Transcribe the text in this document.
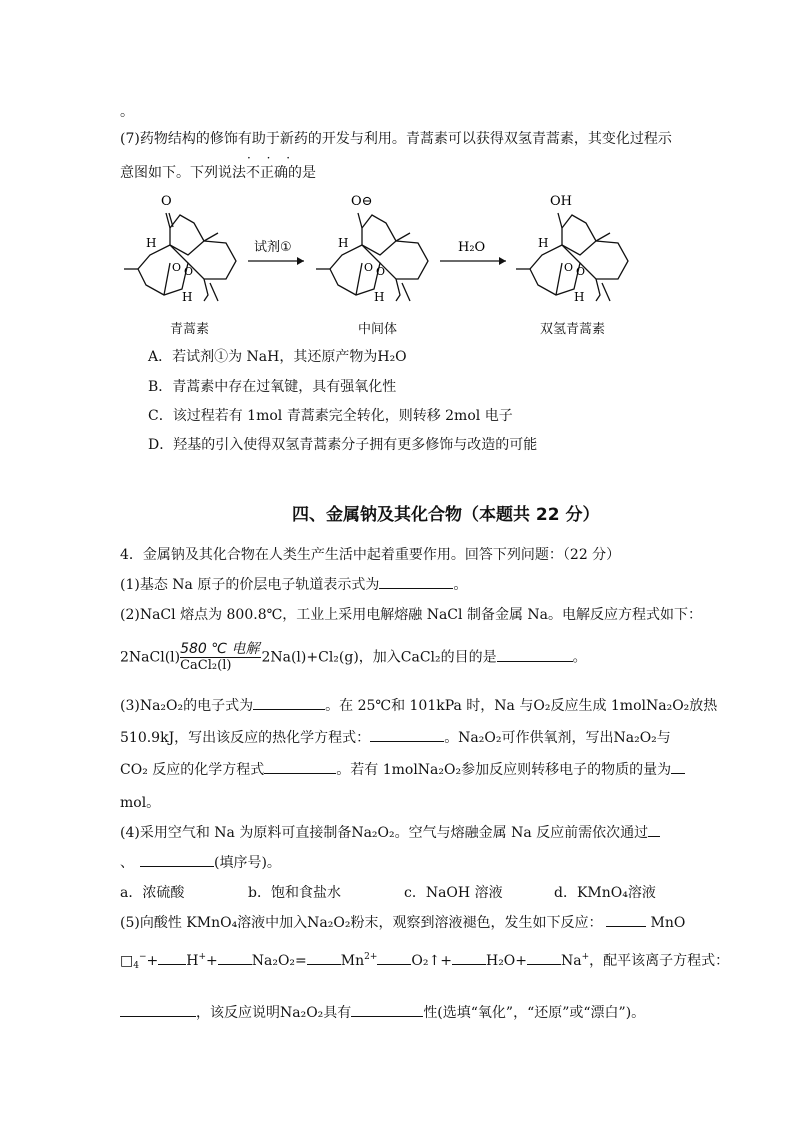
。
(7)药物结构的修饰有助于新药的开发与利用。青蒿素可以获得双氢青蒿素，其变化过程示
· · ·
意图如下。下列说法不正确的是
O
H
O O
H
试剂①
O⊖
H
O O
H
H₂O
OH
H
O O
H
青蒿素	中间体	双氢青蒿素
A．若试剂①为 NaH，其还原产物为H₂O
B．青蒿素中存在过氧键，具有强氧化性
C．该过程若有 1mol 青蒿素完全转化，则转移 2mol 电子
D．羟基的引入使得双氢青蒿素分子拥有更多修饰与改造的可能
四、金属钠及其化合物（本题共 22 分）
4．金属钠及其化合物在人类生产生活中起着重要作用。回答下列问题：（22 分）
(1)基态 Na 原子的价层电子轨道表示式为	。
(2)NaCl 熔点为 800.8℃，工业上采用电解熔融 NaCl 制备金属 Na。电解反应方程式如下：
2NaCl(l) $\frac{\text{580 ℃ 电解}}{\text{CaCl₂(l)}} 2Na(l)+Cl_2(g)$，加入CaCl₂的目的是	。
(3)Na₂O₂的电子式为	。在 25℃和 101kPa 时，Na 与O₂反应生成 1molNa₂O₂放热
510.9kJ，写出该反应的热化学方程式：	。Na₂O₂可作供氧剂，写出Na₂O₂与
CO₂ 反应的化学方程式	。若有 1molNa₂O₂参加反应则转移电子的物质的量为
mol。
(4)采用空气和 Na 为原料可直接制备Na₂O₂。空气与熔融金属 Na 反应前需依次通过
、	(填序号)。
a．浓硫酸	b．饱和食盐水	c．NaOH 溶液	d．KMnO₄溶液
(5)向酸性 KMnO₄溶液中加入Na₂O₂粉末，观察到溶液褪色，发生如下反应：	MnO
$□_4^-+ H^++ Na_2O_2= Mn^{2+}$ O₂↑+ H₂O+ Na+，配平该离子方程式：
，该反应说明Na₂O₂具有	性(选填“氧化”，“还原”或“漂白”)。
